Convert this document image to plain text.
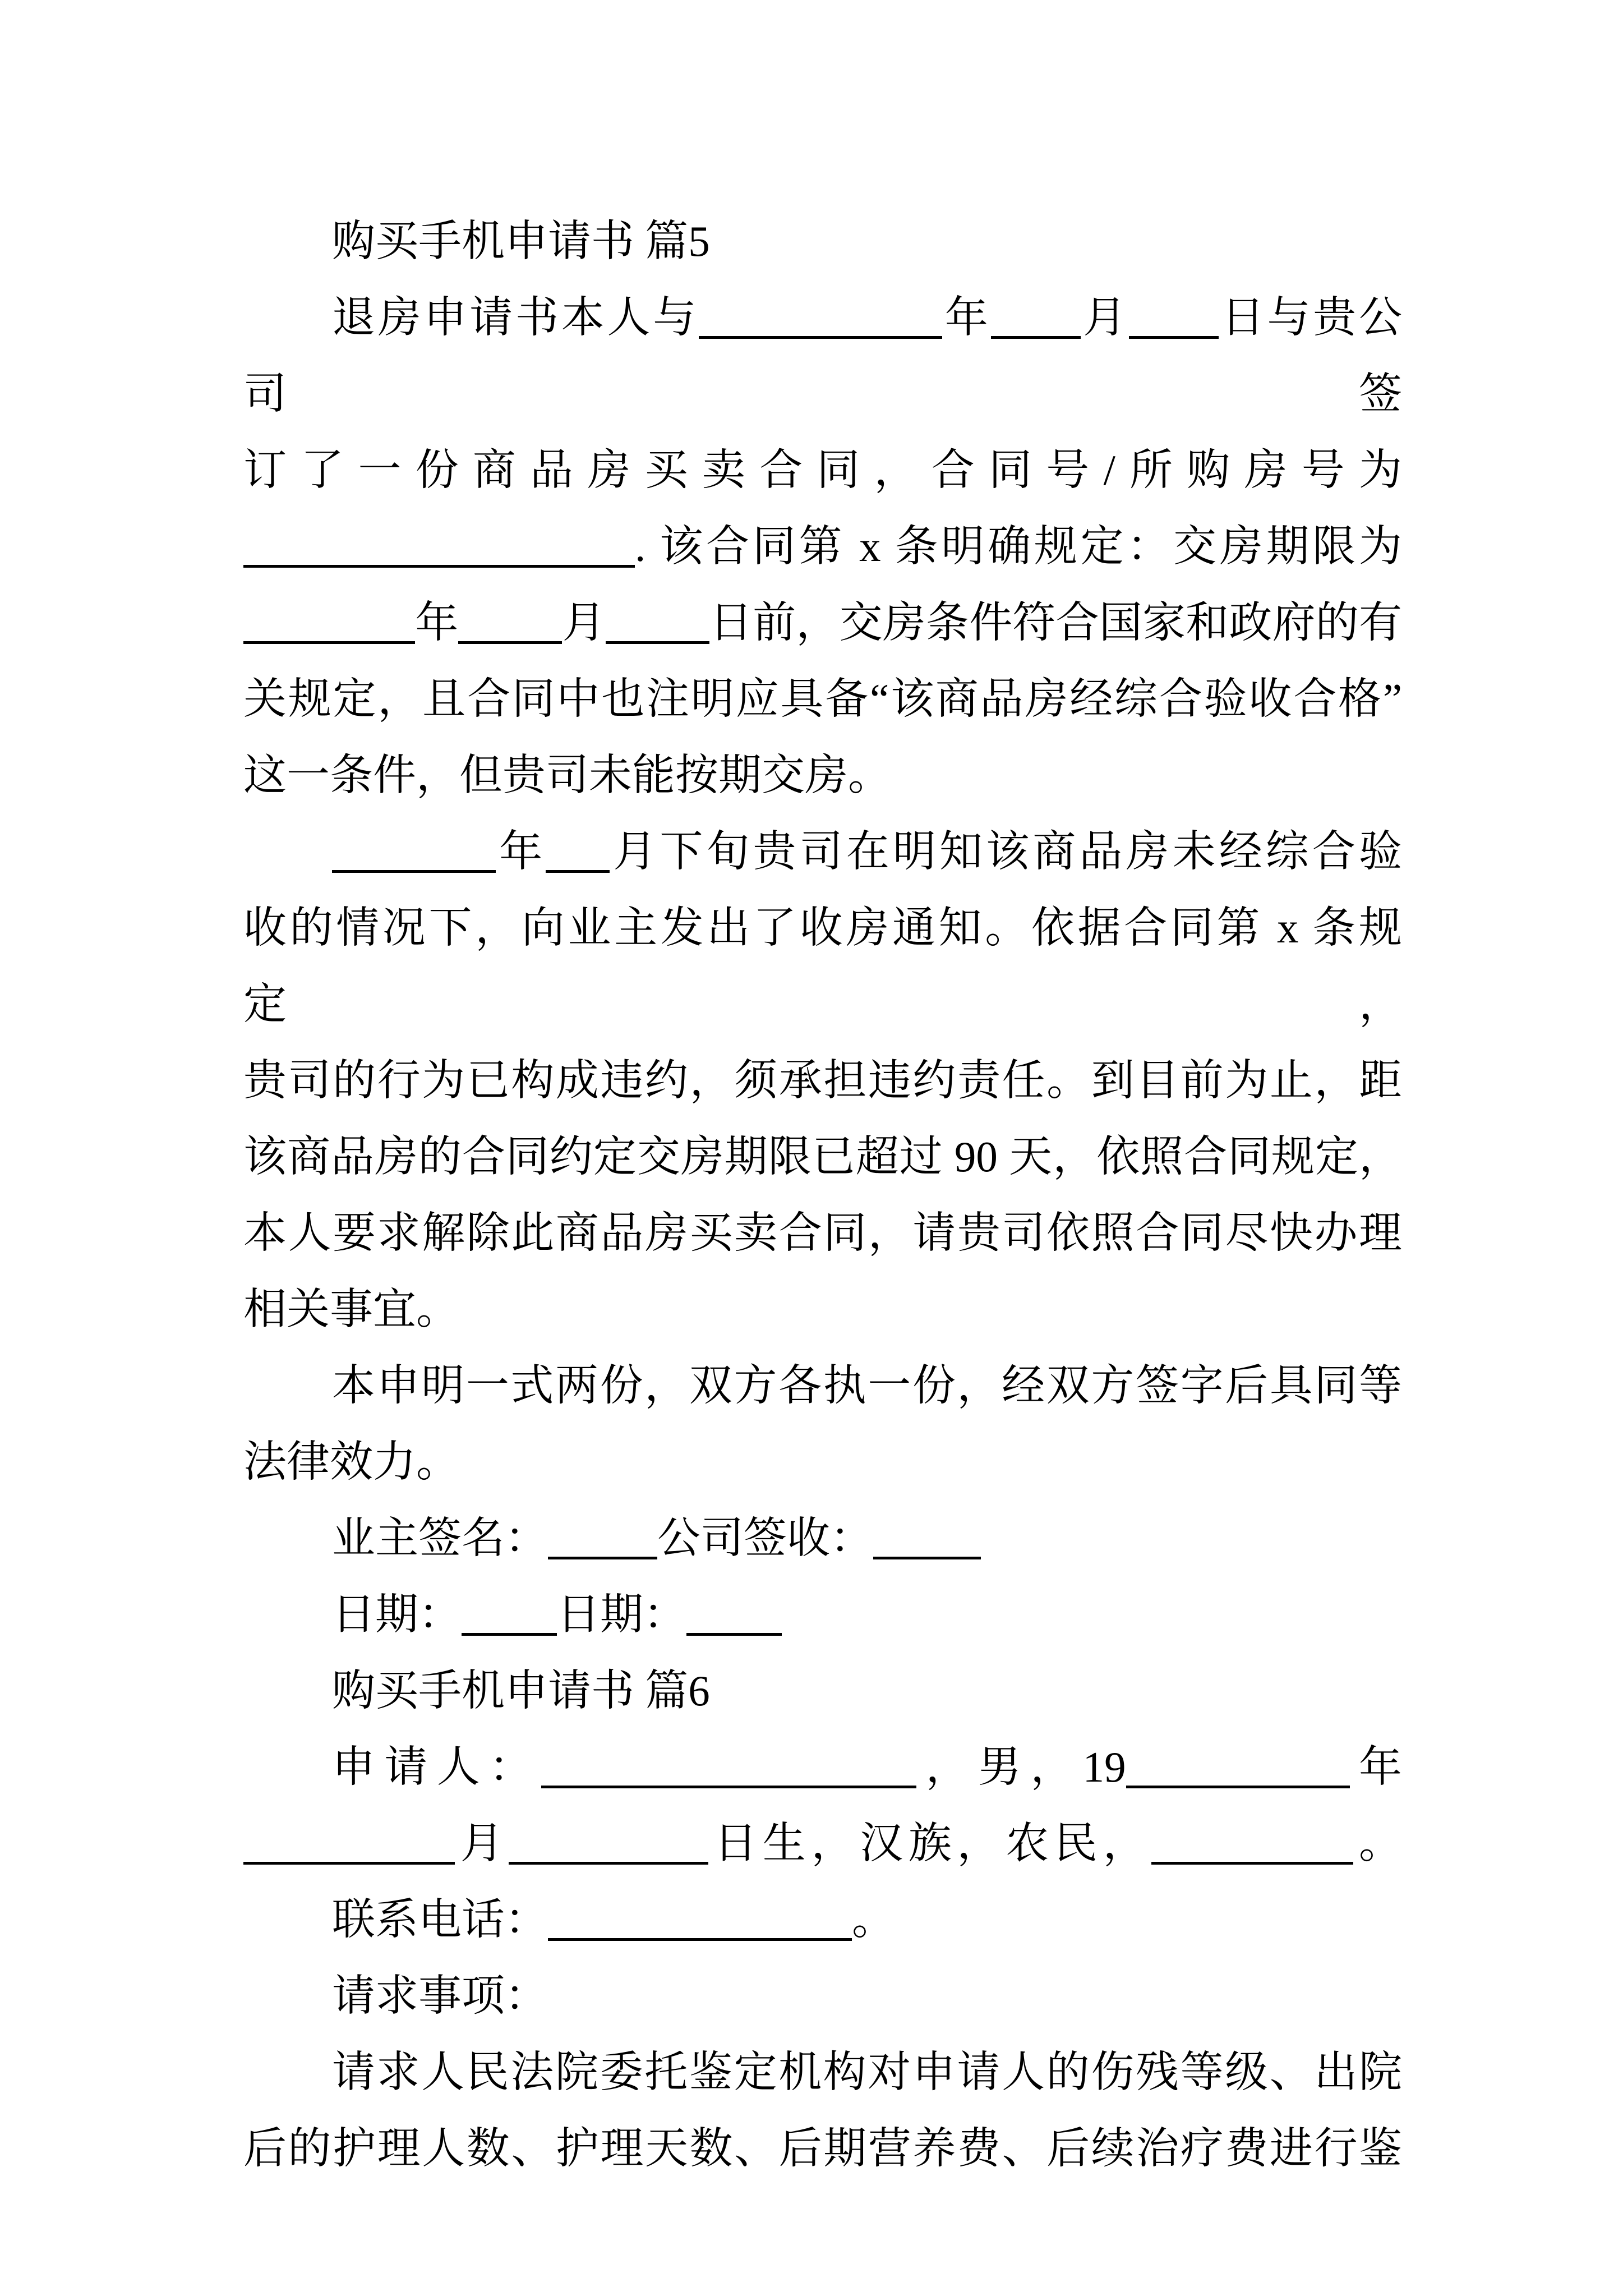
购买手机申请书 篇5
退房申请书本人与	年 月 日与贵公司签
订了一份商品房买卖合同，合同号/所购房号为
. 该合同第 x 条明确规定：交房期限为
年 月 日前，交房条件符合国家和政府的有
关规定，且合同中也注明应具备“该商品房经综合验收合格”
这一条件，但贵司未能按期交房。
年 月下旬贵司在明知该商品房未经综合验
收的情况下，向业主发出了收房通知。依据合同第 x 条规定，
贵司的行为已构成违约，须承担违约责任。到目前为止，距
该商品房的合同约定交房期限已超过 90 天，依照合同规定，
本人要求解除此商品房买卖合同，请贵司依照合同尽快办理
相关事宜。
本申明一式两份，双方各执一份，经双方签字后具同等
法律效力。
业主签名：	公司签收：
日期： 日期：
购买手机申请书 篇6
申请人：	，男，19	年
月	日生，汉族，农民，	。
联系电话：	。
请求事项：
请求人民法院委托鉴定机构对申请人的伤残等级、出院
后的护理人数、护理天数、后期营养费、后续治疗费进行鉴
